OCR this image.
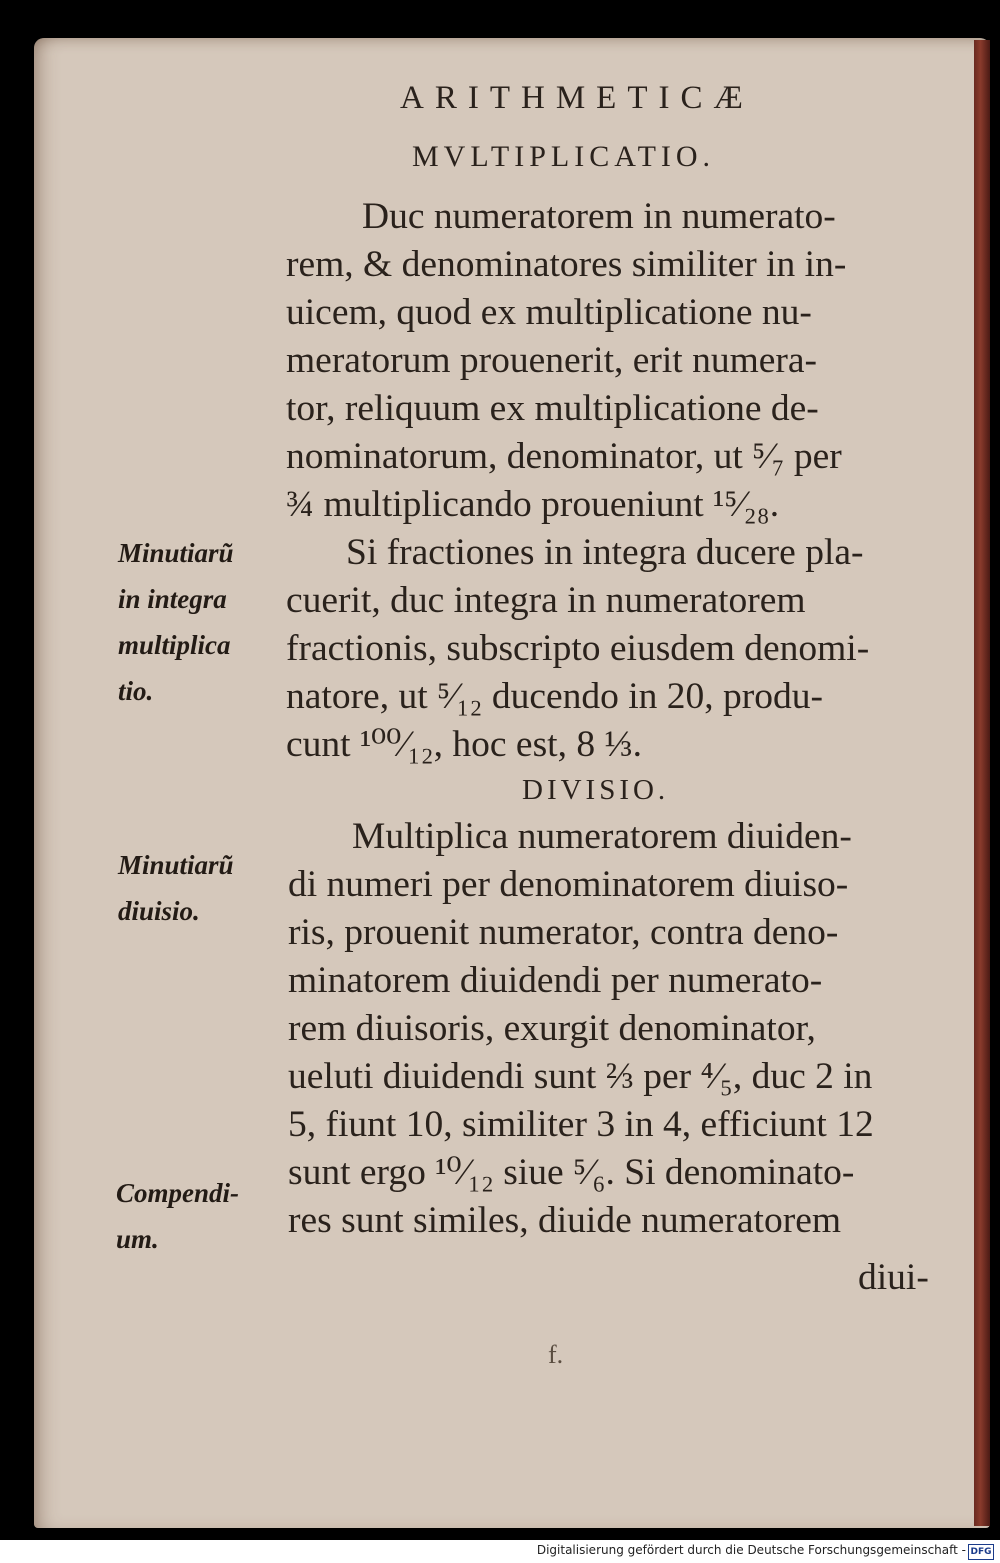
ARITHMETICÆ
MVLTIPLICATIO.
Duc numeratorem in numerato-
rem, & denominatores similiter in in-
uicem, quod ex multiplicatione nu-
meratorum prouenerit, erit numera-
tor, reliquum ex multiplicatione de-
nominatorum, denominator, ut ⁵⁄₇ per
¾ multiplicando proueniunt ¹⁵⁄₂₈.
Si fractiones in integra ducere pla-
cuerit, duc integra in numeratorem
fractionis, subscripto eiusdem denomi-
natore, ut ⁵⁄₁₂ ducendo in 20, produ-
cunt ¹⁰⁰⁄₁₂, hoc est, 8 ⅓.
DIVISIO.
Multiplica numeratorem diuiden-
di numeri per denominatorem diuiso-
ris, prouenit numerator, contra deno-
minatorem diuidendi per numerato-
rem diuisoris, exurgit denominator,
ueluti diuidendi sunt ⅔ per ⁴⁄₅, duc 2 in
5, fiunt 10, similiter 3 in 4, efficiunt 12
sunt ergo ¹⁰⁄₁₂ siue ⁵⁄₆. Si denominato-
res sunt similes, diuide numeratorem
diui-
f.
Minutiarũ
in integra
multiplica
tio.
Minutiarũ
diuisio.
Compendi-
um.
Digitalisierung gefördert durch die Deutsche Forschungsgemeinschaft - DFG
